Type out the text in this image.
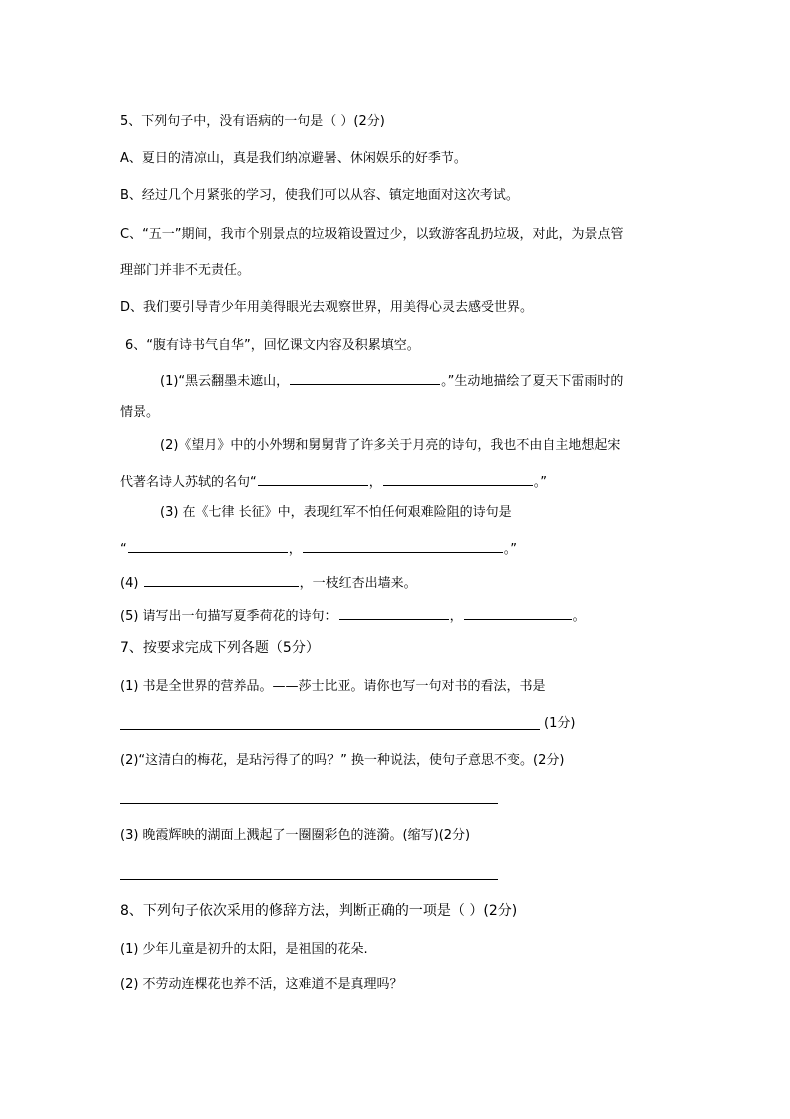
5、下列句子中，没有语病的一句是（ ）(2分)
A、夏日的清凉山，真是我们纳凉避暑、休闲娱乐的好季节。
B、经过几个月紧张的学习，使我们可以从容、镇定地面对这次考试。
C、“五一”期间，我市个别景点的垃圾箱设置过少，以致游客乱扔垃圾，对此，为景点管
理部门并非不无责任。
D、我们要引导青少年用美得眼光去观察世界，用美得心灵去感受世界。
6、“腹有诗书气自华”，回忆课文内容及积累填空。
(1)“黑云翻墨未遮山，	。”生动地描绘了夏天下雷雨时的
情景。
(2)《望月》中的小外甥和舅舅背了许多关于月亮的诗句，我也不由自主地想起宋
代著名诗人苏轼的名句“	，	。”
(3) 在《七律 长征》中，表现红军不怕任何艰难险阻的诗句是
“	，	。”
(4)	，一枝红杏出墙来。
(5) 请写出一句描写夏季荷花的诗句：	，	。
7、按要求完成下列各题（5分）
(1) 书是全世界的营养品。——莎士比亚。请你也写一句对书的看法，书是
(1分)
(2)“这清白的梅花，是玷污得了的吗？” 换一种说法，使句子意思不变。(2分)
(3) 晚霞辉映的湖面上溅起了一圈圈彩色的涟漪。(缩写)(2分)
8、下列句子依次采用的修辞方法，判断正确的一项是（ ）(2分)
(1) 少年儿童是初升的太阳，是祖国的花朵.
(2) 不劳动连棵花也养不活，这难道不是真理吗？
